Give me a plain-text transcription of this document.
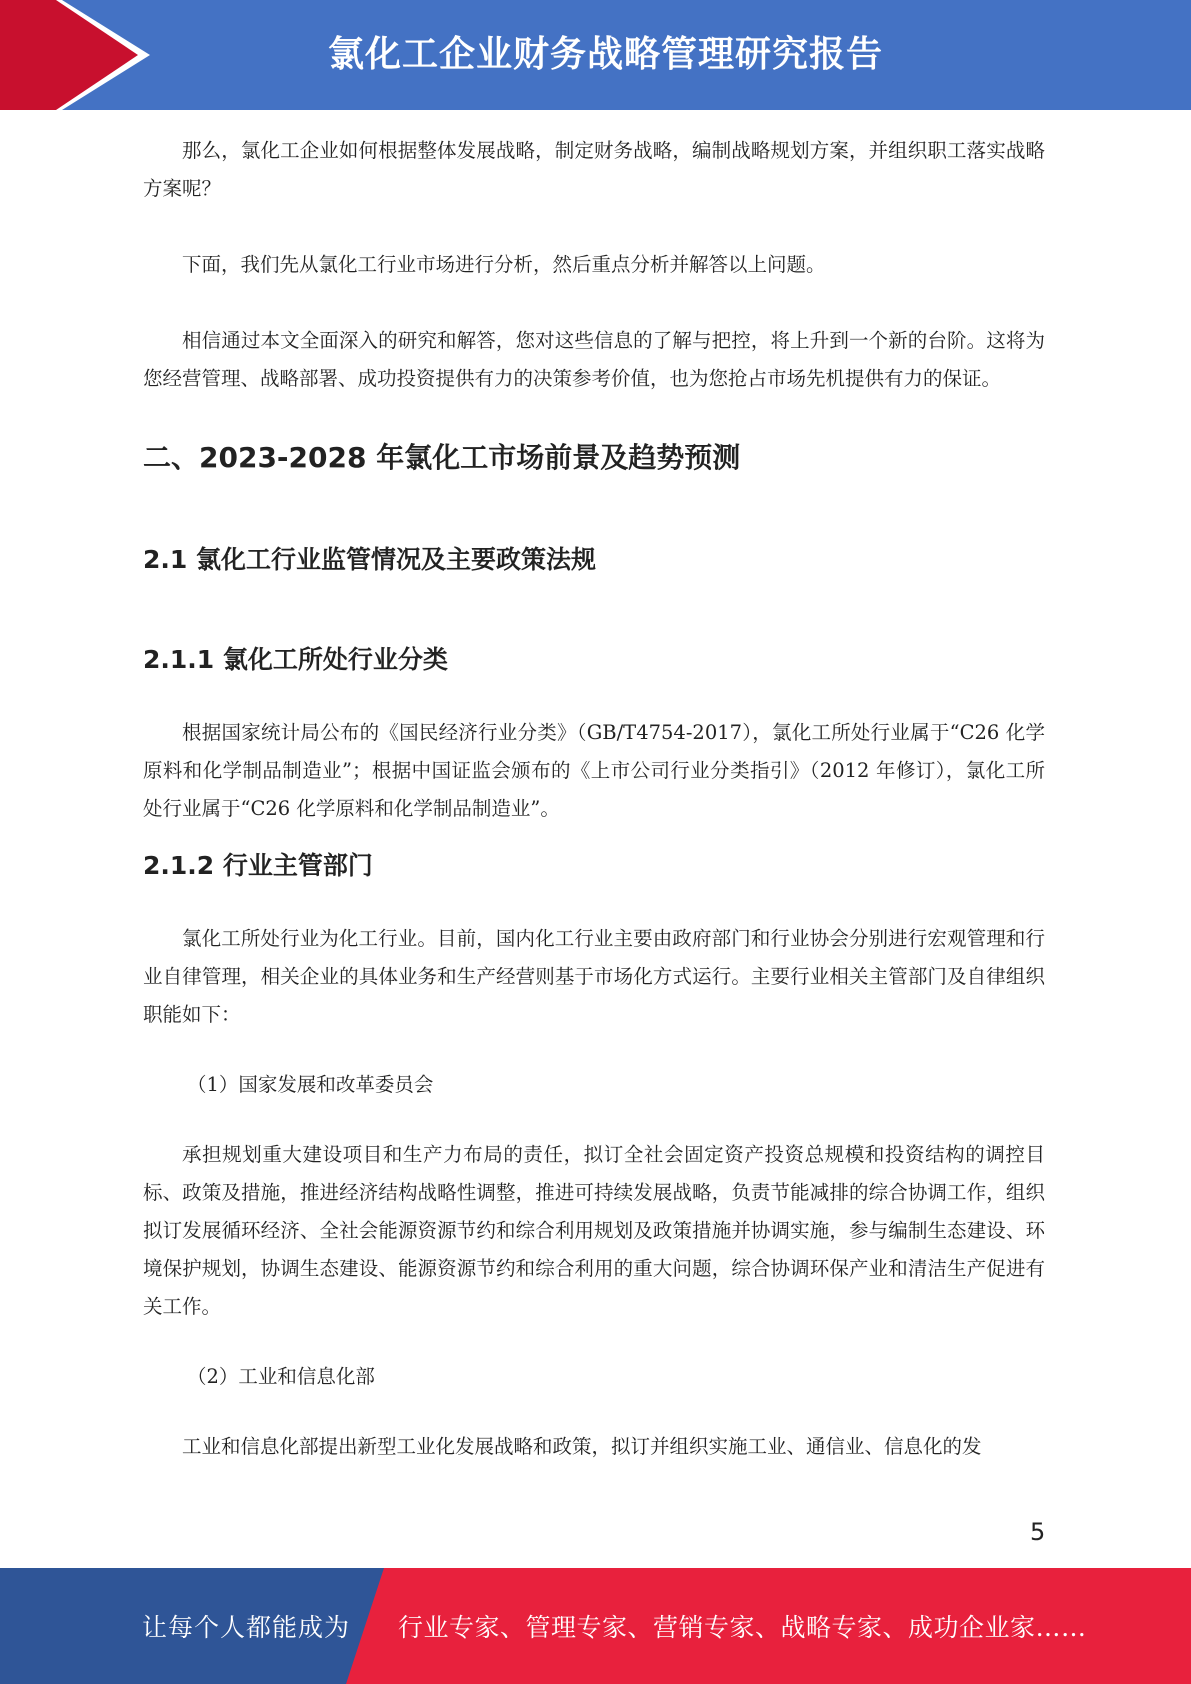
氯化工企业财务战略管理研究报告

那么，氯化工企业如何根据整体发展战略，制定财务战略，编制战略规划方案，并组织职工落实战略方案呢？

下面，我们先从氯化工行业市场进行分析，然后重点分析并解答以上问题。

相信通过本文全面深入的研究和解答，您对这些信息的了解与把控，将上升到一个新的台阶。这将为您经营管理、战略部署、成功投资提供有力的决策参考价值，也为您抢占市场先机提供有力的保证。

二、2023-2028 年氯化工市场前景及趋势预测
2.1 氯化工行业监管情况及主要政策法规
2.1.1 氯化工所处行业分类

根据国家统计局公布的《国民经济行业分类》（GB/T4754-2017），氯化工所处行业属于“C26 化学原料和化学制品制造业”；根据中国证监会颁布的《上市公司行业分类指引》（2012 年修订），氯化工所处行业属于“C26 化学原料和化学制品制造业”。

2.1.2 行业主管部门

氯化工所处行业为化工行业。目前，国内化工行业主要由政府部门和行业协会分别进行宏观管理和行业自律管理，相关企业的具体业务和生产经营则基于市场化方式运行。主要行业相关主管部门及自律组织职能如下：

（1）国家发展和改革委员会

承担规划重大建设项目和生产力布局的责任，拟订全社会固定资产投资总规模和投资结构的调控目标、政策及措施，推进经济结构战略性调整，推进可持续发展战略，负责节能减排的综合协调工作，组织拟订发展循环经济、全社会能源资源节约和综合利用规划及政策措施并协调实施，参与编制生态建设、环境保护规划，协调生态建设、能源资源节约和综合利用的重大问题，综合协调环保产业和清洁生产促进有关工作。

（2）工业和信息化部

工业和信息化部提出新型工业化发展战略和政策，拟订并组织实施工业、通信业、信息化的发

5
让每个人都能成为 行业专家、管理专家、营销专家、战略专家、成功企业家……
